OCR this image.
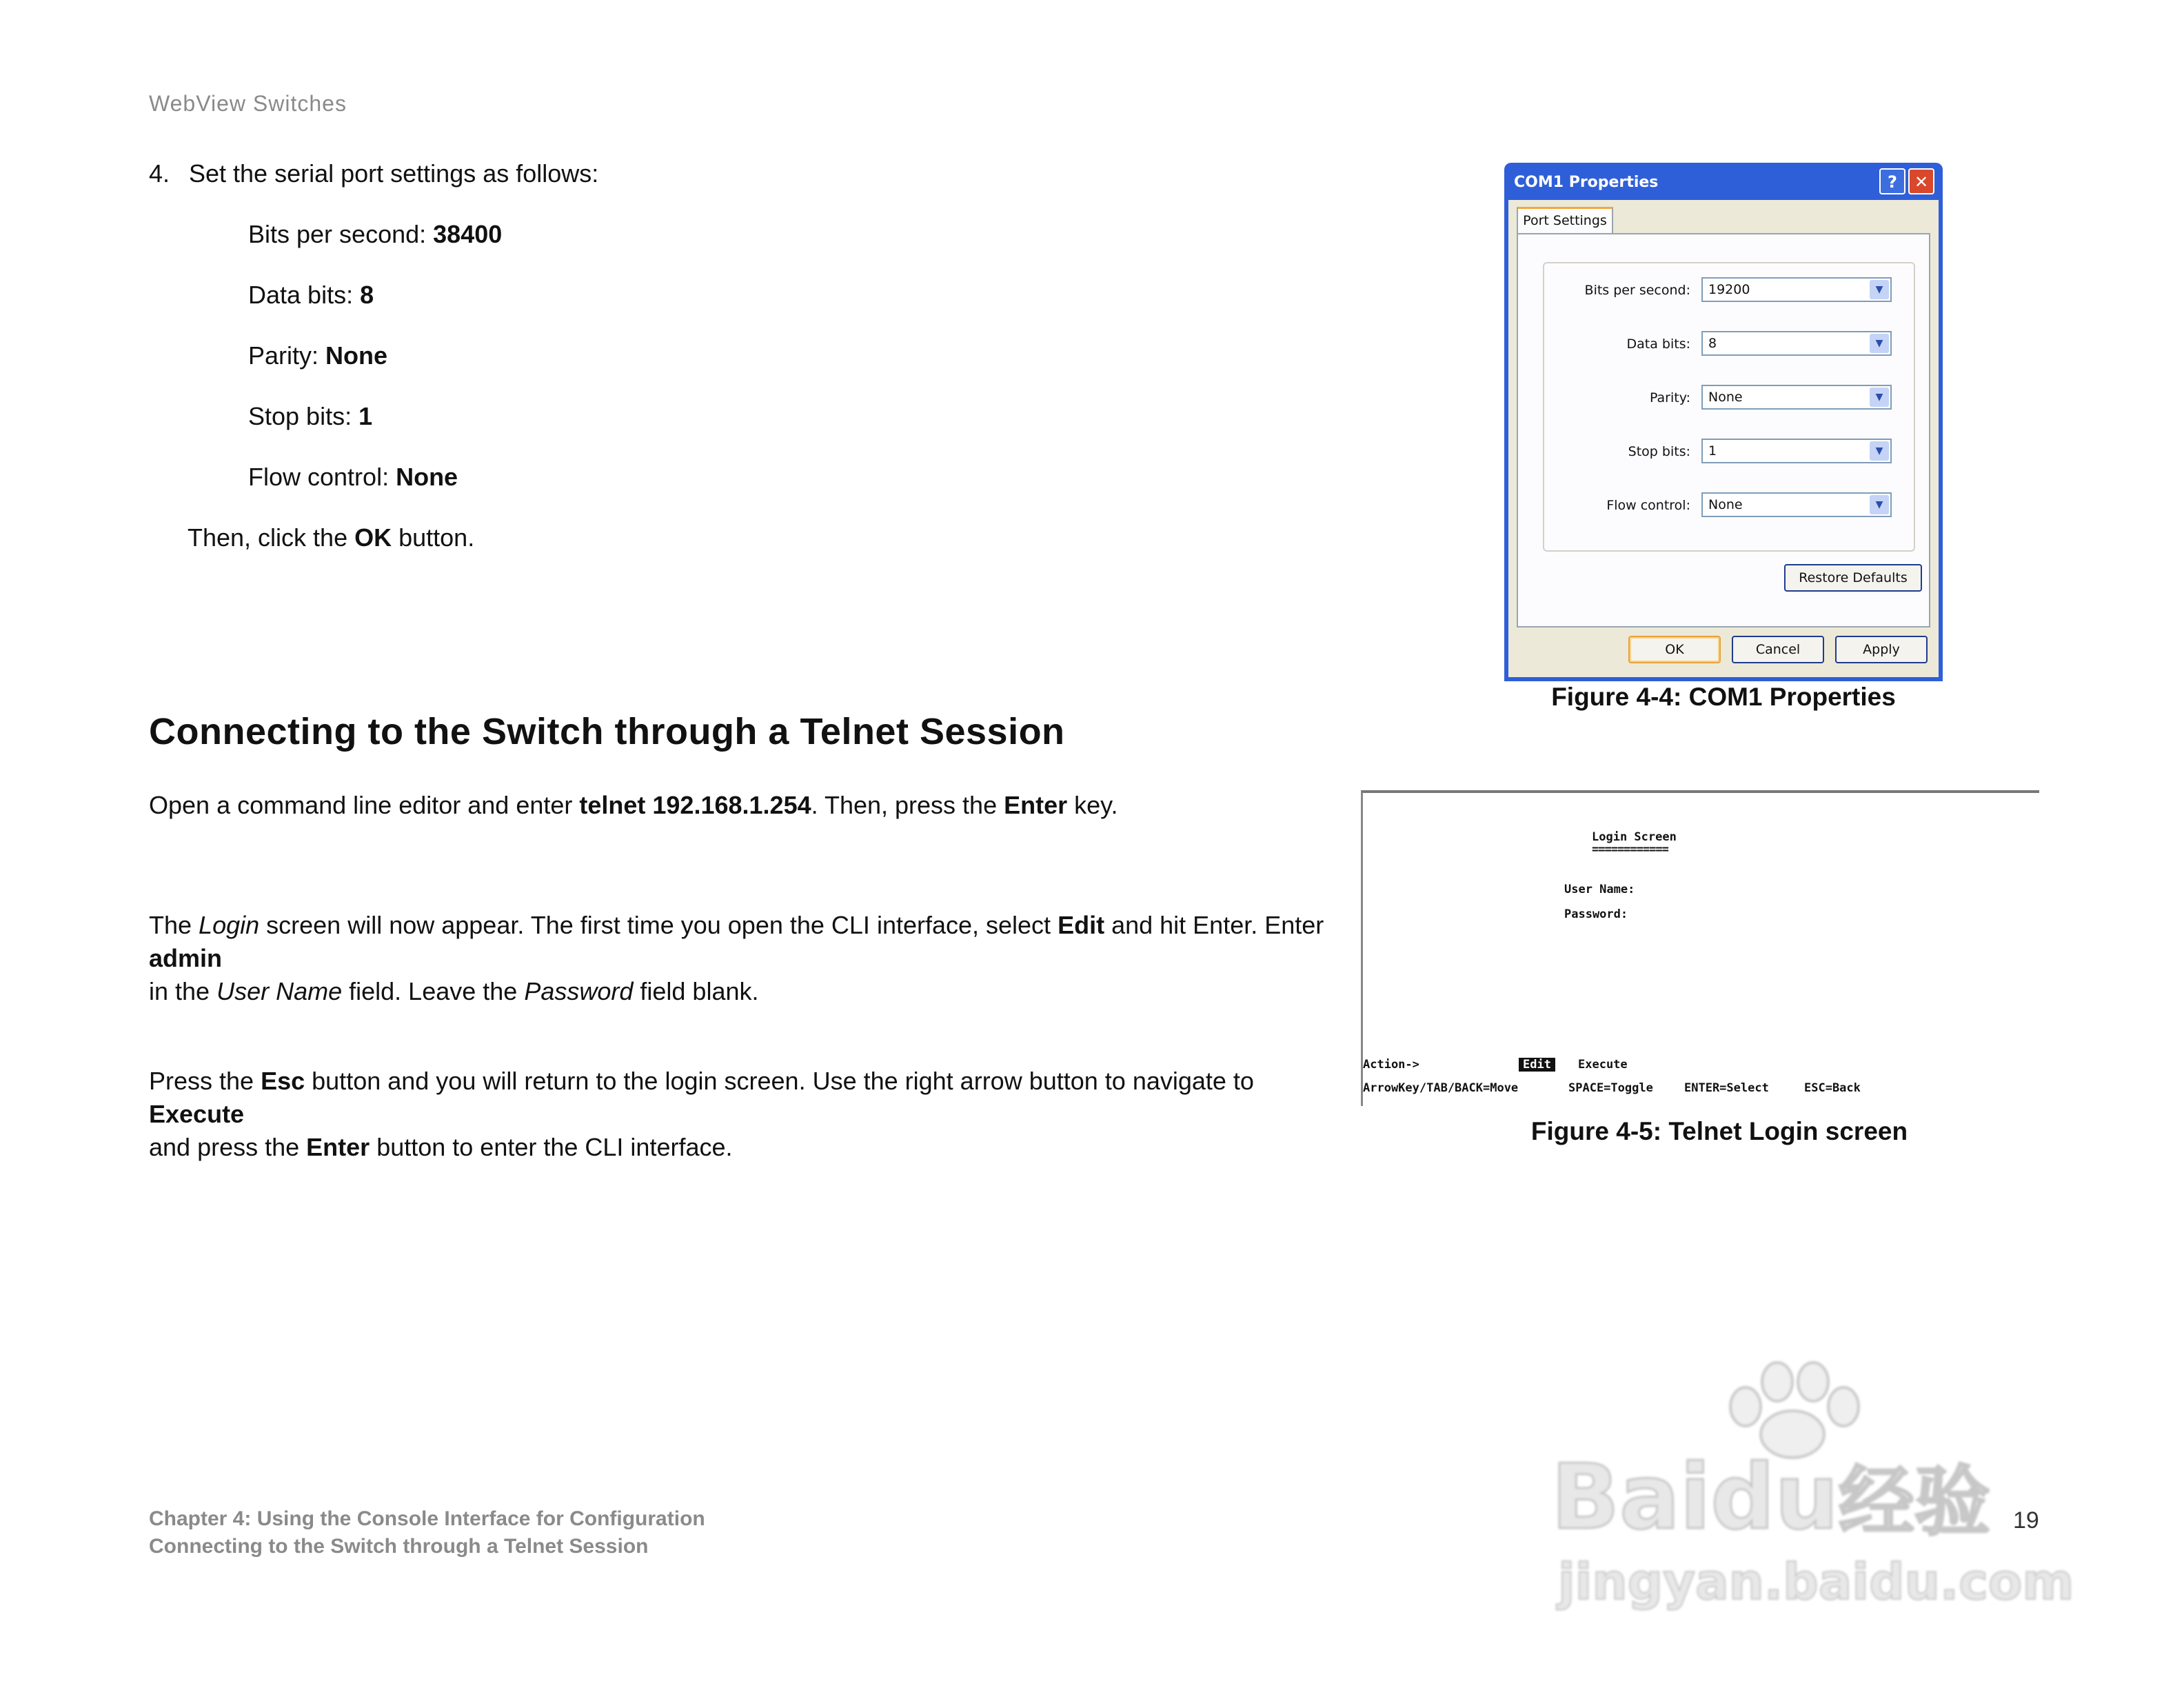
WebView Switches
4. Set the serial port settings as follows:
Bits per second: 38400
Data bits: 8
Parity: None
Stop bits: 1
Flow control: None
Then, click the OK button.
COM1 Properties	?	✕
Port Settings
Bits per second:	19200	▼
Data bits:	8	▼
Parity:	None	▼
Stop bits:	1	▼
Flow control:	None	▼
Restore Defaults
OK	Cancel	Apply
Figure 4-4: COM1 Properties
Connecting to the Switch through a Telnet Session
Open a command line editor and enter telnet 192.168.1.254. Then, press the Enter key.
The Login screen will now appear. The first time you open the CLI interface, select Edit and hit Enter. Enter admin
in the User Name field. Leave the Password field blank.
Press the Esc button and you will return to the login screen. Use the right arrow button to navigate to Execute
and press the Enter button to enter the CLI interface.
Login Screen
============
User Name:
Password:
Action->	Edit	Execute
ArrowKey/TAB/BACK=Move	SPACE=Toggle	ENTER=Select	ESC=Back
Figure 4-5: Telnet Login screen
Baidu经验
jingyan.baidu.com
Chapter 4: Using the Console Interface for Configuration
Connecting to the Switch through a Telnet Session
19
